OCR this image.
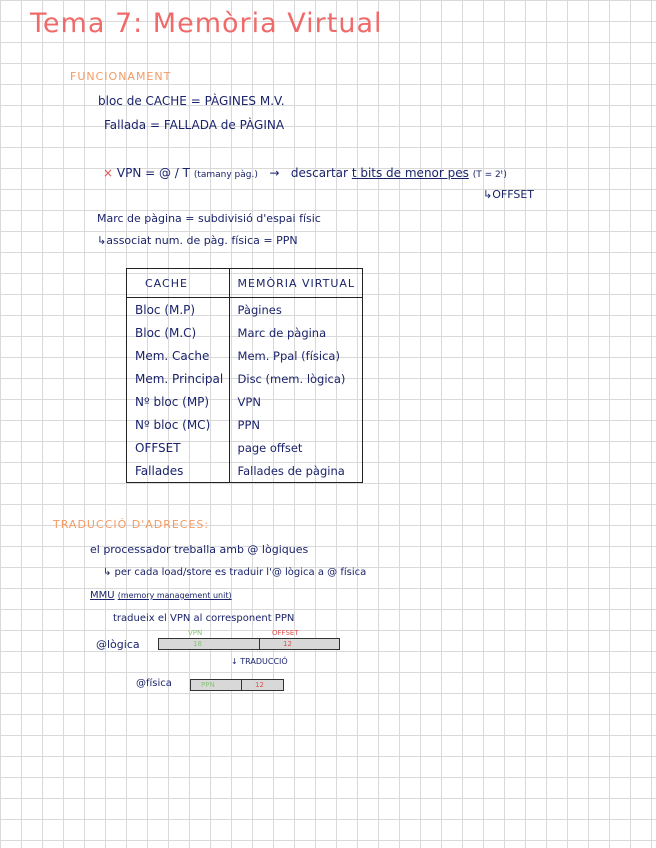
Tema 7: Memòria Virtual
FUNCIONAMENT
bloc de CACHE = PÀGINES M.V.
Fallada = FALLADA de PÀGINA
× VPN = @ / T (tamany pàg.) → descartar t bits de menor pes (T = 2ᵗ)
↳OFFSET
Marc de pàgina = subdivisió d'espai físic
↳associat num. de pàg. física = PPN
CACHE	MEMÒRIA VIRTUAL
Bloc (M.P)	Pàgines
Bloc (M.C)	Marc de pàgina
Mem. Cache	Mem. Ppal (física)
Mem. Principal	Disc (mem. lògica)
Nº bloc (MP)	VPN
Nº bloc (MC)	PPN
OFFSET	page offset
Fallades	Fallades de pàgina
TRADUCCIÓ D'ADRECES:
el processador treballa amb @ lògiques
↳ per cada load/store es traduir l'@ lògica a @ física
MMU (memory management unit)
tradueix el VPN al corresponent PPN
@lògica
VPN	OFFSET
18	12
↓ TRADUCCIÓ
@física	PPN	12
